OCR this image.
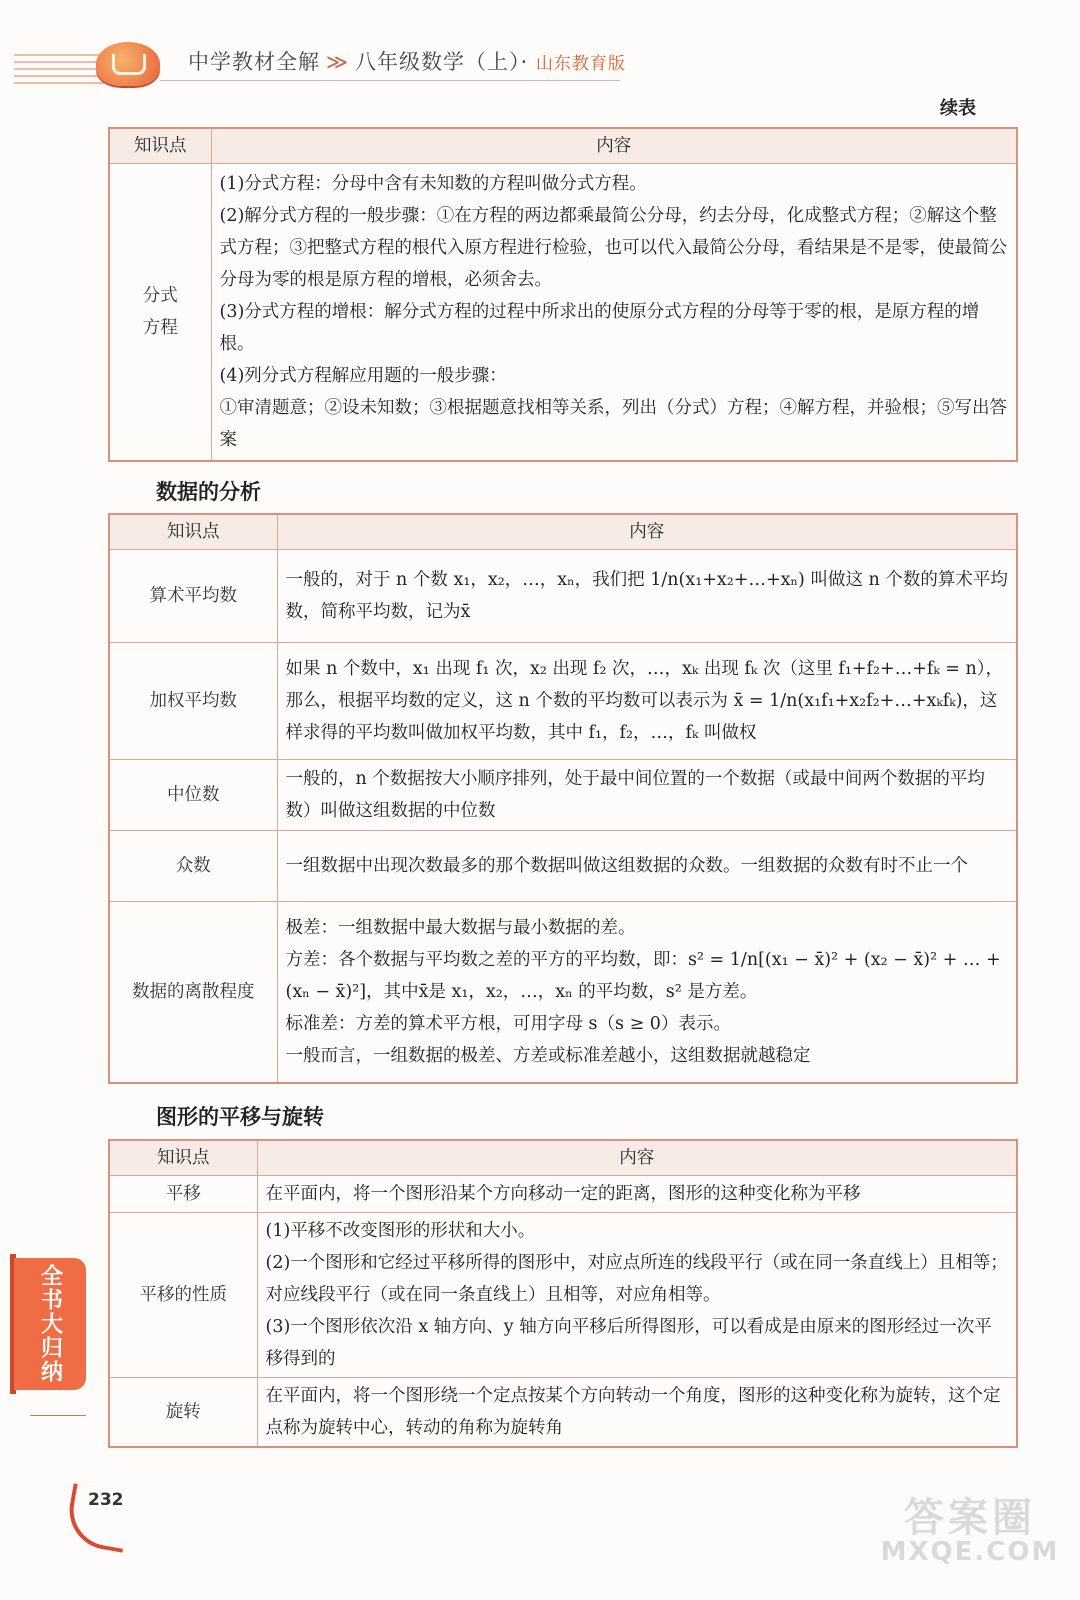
中学教材全解 ≫ 八年级数学（上）· 山东教育版
续表
知识点	内容
分式方程	(1)分式方程：分母中含有未知数的方程叫做分式方程。
(2)解分式方程的一般步骤：①在方程的两边都乘最简公分母，约去分母，化成整式方程；②解这个整式方程；③把整式方程的根代入原方程进行检验，也可以代入最简公分母，看结果是不是零，使最简公分母为零的根是原方程的增根，必须舍去。
(3)分式方程的增根：解分式方程的过程中所求出的使原分式方程的分母等于零的根，是原方程的增根。
(4)列分式方程解应用题的一般步骤：
①审清题意；②设未知数；③根据题意找相等关系，列出（分式）方程；④解方程，并验根；⑤写出答案
数据的分析
知识点	内容
算术平均数	一般的，对于 n 个数 x₁，x₂，…，xₙ，我们把 1/n(x₁+x₂+…+xₙ) 叫做这 n 个数的算术平均数，简称平均数，记为x̄
加权平均数	如果 n 个数中，x₁ 出现 f₁ 次，x₂ 出现 f₂ 次，…，xₖ 出现 fₖ 次（这里 f₁+f₂+…+fₖ = n），那么，根据平均数的定义，这 n 个数的平均数可以表示为 x̄ = 1/n(x₁f₁+x₂f₂+…+xₖfₖ)，这样求得的平均数叫做加权平均数，其中 f₁，f₂，…，fₖ 叫做权
中位数	一般的，n 个数据按大小顺序排列，处于最中间位置的一个数据（或最中间两个数据的平均数）叫做这组数据的中位数
众数	一组数据中出现次数最多的那个数据叫做这组数据的众数。一组数据的众数有时不止一个
数据的离散程度	极差：一组数据中最大数据与最小数据的差。
方差：各个数据与平均数之差的平方的平均数，即：s² = 1/n[(x₁ − x̄)² + (x₂ − x̄)² + … + (xₙ − x̄)²]，其中x̄是 x₁，x₂，…，xₙ 的平均数，s² 是方差。
标准差：方差的算术平方根，可用字母 s（s ≥ 0）表示。
一般而言，一组数据的极差、方差或标准差越小，这组数据就越稳定
图形的平移与旋转
知识点	内容
平移	在平面内，将一个图形沿某个方向移动一定的距离，图形的这种变化称为平移
平移的性质	(1)平移不改变图形的形状和大小。
(2)一个图形和它经过平移所得的图形中，对应点所连的线段平行（或在同一条直线上）且相等；对应线段平行（或在同一条直线上）且相等，对应角相等。
(3)一个图形依次沿 x 轴方向、y 轴方向平移后所得图形，可以看成是由原来的图形经过一次平移得到的

旋转	在平面内，将一个图形绕一个定点按某个方向转动一个角度，图形的这种变化称为旋转，这个定点称为旋转中心，转动的角称为旋转角
全书大归纳
232	答案圈
MXQE.COM
